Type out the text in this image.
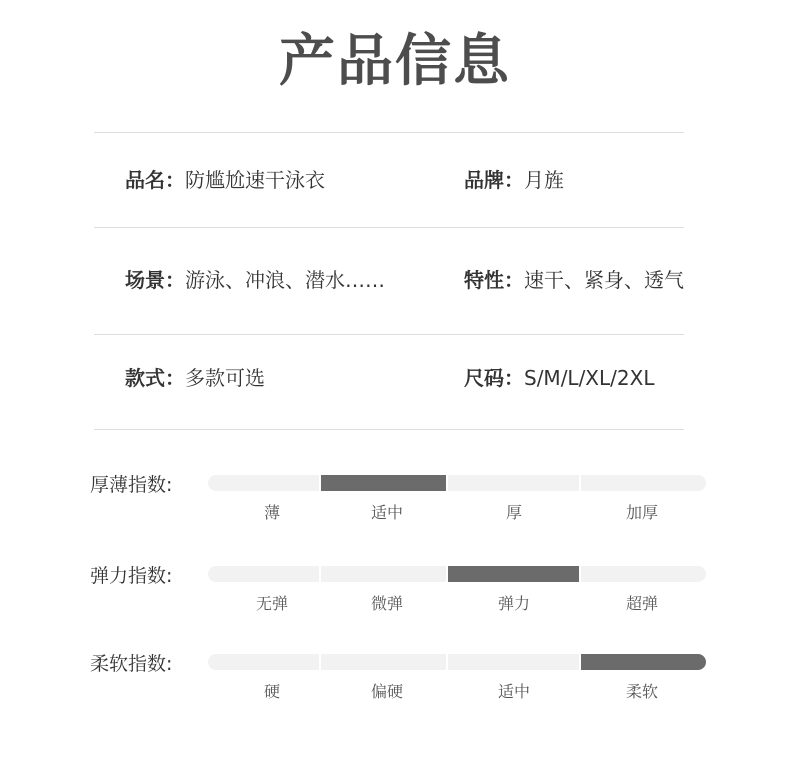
产品信息
品名：防尴尬速干泳衣	品牌：月旌
场景：游泳、冲浪、潜水……	特性：速干、紧身、透气
款式：多款可选	尺码：S/M/L/XL/2XL
厚薄指数:
薄	适中	厚	加厚
弹力指数:
无弹	微弹	弹力	超弹
柔软指数:
硬	偏硬	适中	柔软
